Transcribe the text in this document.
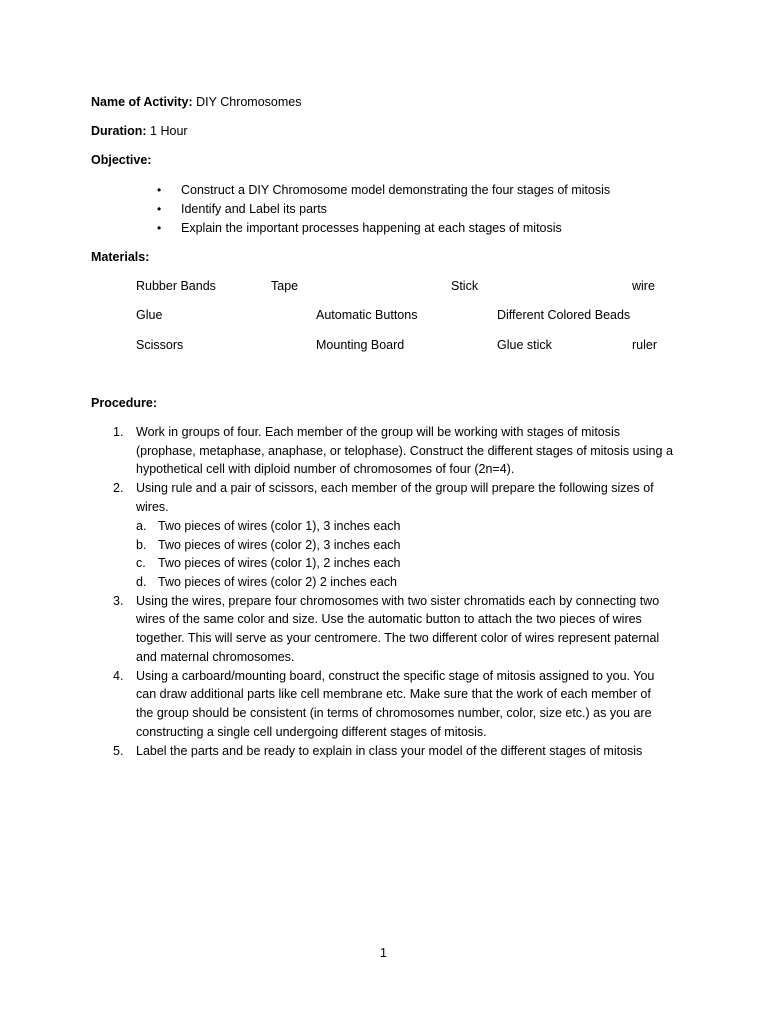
Name of Activity: DIY Chromosomes
Duration: 1 Hour
Objective:
• Construct a DIY Chromosome model demonstrating the four stages of mitosis
• Identify and Label its parts
• Explain the important processes happening at each stages of mitosis
Materials:
Rubber Bands	Tape	Stick	wire
Glue	Automatic Buttons	Different Colored Beads
Scissors	Mounting Board	Glue stick	ruler
Procedure:
1. Work in groups of four. Each member of the group will be working with stages of mitosis
(prophase, metaphase, anaphase, or telophase). Construct the different stages of mitosis using a
hypothetical cell with diploid number of chromosomes of four (2n=4).
2. Using rule and a pair of scissors, each member of the group will prepare the following sizes of
wires.
a. Two pieces of wires (color 1), 3 inches each
b. Two pieces of wires (color 2), 3 inches each
c. Two pieces of wires (color 1), 2 inches each
d. Two pieces of wires (color 2) 2 inches each
3. Using the wires, prepare four chromosomes with two sister chromatids each by connecting two
wires of the same color and size. Use the automatic button to attach the two pieces of wires
together. This will serve as your centromere. The two different color of wires represent paternal
and maternal chromosomes.
4. Using a carboard/mounting board, construct the specific stage of mitosis assigned to you. You
can draw additional parts like cell membrane etc. Make sure that the work of each member of
the group should be consistent (in terms of chromosomes number, color, size etc.) as you are
constructing a single cell undergoing different stages of mitosis.
5. Label the parts and be ready to explain in class your model of the different stages of mitosis
1
